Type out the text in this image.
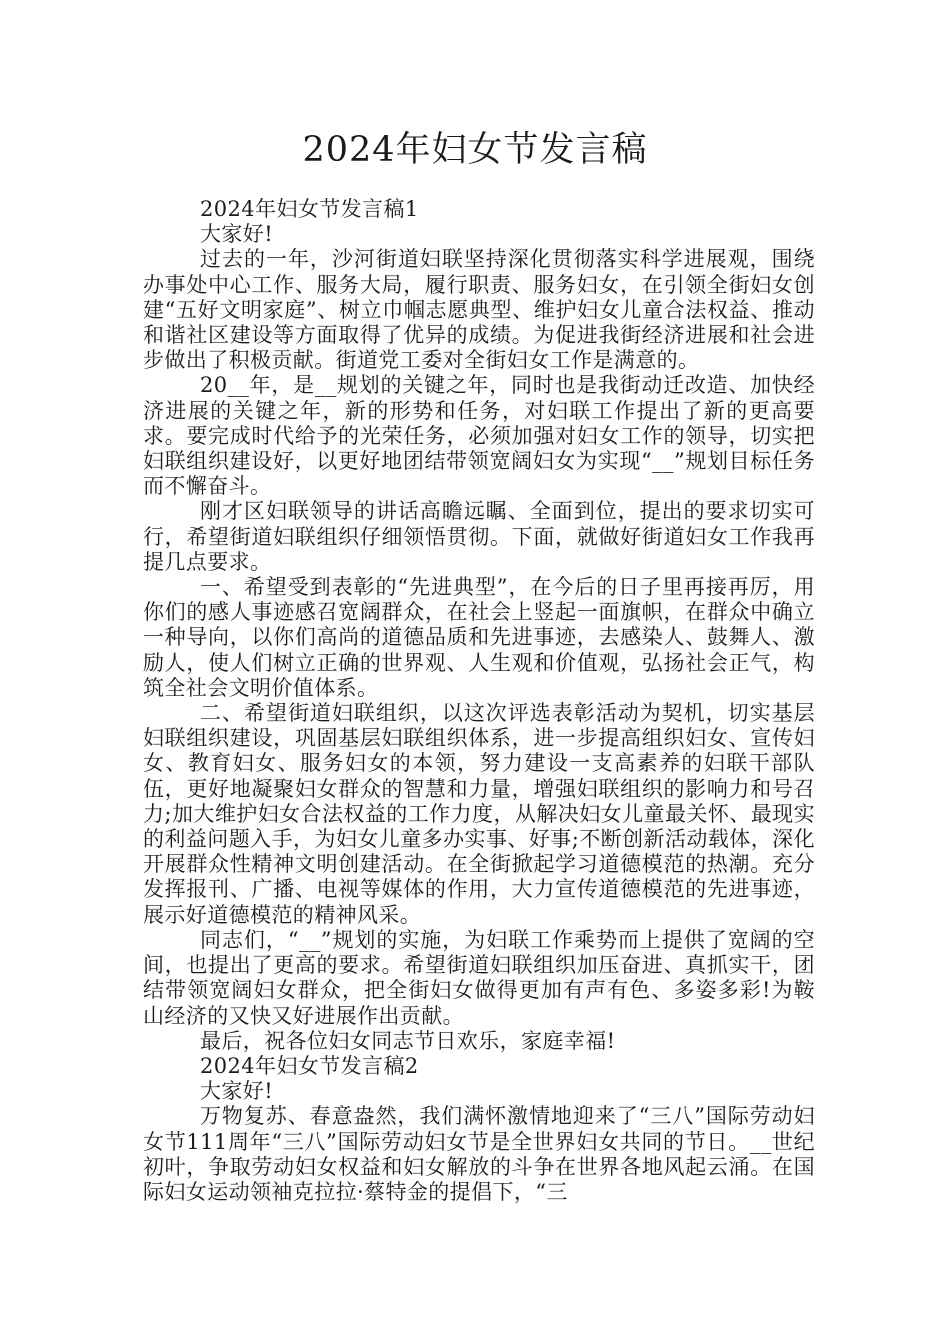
2024年妇女节发言稿

2024年妇女节发言稿1

大家好!

过去的一年，沙河街道妇联坚持深化贯彻落实科学进展观，围绕办事处中心工作、服务大局，履行职责、服务妇女，在引领全街妇女创建“五好文明家庭”、树立巾帼志愿典型、维护妇女儿童合法权益、推动和谐社区建设等方面取得了优异的成绩。为促进我街经济进展和社会进步做出了积极贡献。街道党工委对全街妇女工作是满意的。

20__年，是__规划的关键之年，同时也是我街动迁改造、加快经济进展的关键之年，新的形势和任务，对妇联工作提出了新的更高要求。要完成时代给予的光荣任务，必须加强对妇女工作的领导，切实把妇联组织建设好，以更好地团结带领宽阔妇女为实现“__”规划目标任务而不懈奋斗。

刚才区妇联领导的讲话高瞻远瞩、全面到位，提出的要求切实可行，希望街道妇联组织仔细领悟贯彻。下面，就做好街道妇女工作我再提几点要求。

一、希望受到表彰的“先进典型”，在今后的日子里再接再厉，用你们的感人事迹感召宽阔群众，在社会上竖起一面旗帜，在群众中确立一种导向，以你们高尚的道德品质和先进事迹，去感染人、鼓舞人、激励人，使人们树立正确的世界观、人生观和价值观，弘扬社会正气，构筑全社会文明价值体系。

二、希望街道妇联组织，以这次评选表彰活动为契机，切实基层妇联组织建设，巩固基层妇联组织体系，进一步提高组织妇女、宣传妇女、教育妇女、服务妇女的本领，努力建设一支高素养的妇联干部队伍，更好地凝聚妇女群众的智慧和力量，增强妇联组织的影响力和号召力;加大维护妇女合法权益的工作力度，从解决妇女儿童最关怀、最现实的利益问题入手，为妇女儿童多办实事、好事;不断创新活动载体，深化开展群众性精神文明创建活动。在全街掀起学习道德模范的热潮。充分发挥报刊、广播、电视等媒体的作用，大力宣传道德模范的先进事迹，展示好道德模范的精神风采。

同志们，“__”规划的实施，为妇联工作乘势而上提供了宽阔的空间，也提出了更高的要求。希望街道妇联组织加压奋进、真抓实干，团结带领宽阔妇女群众，把全街妇女做得更加有声有色、多姿多彩!为鞍山经济的又快又好进展作出贡献。

最后，祝各位妇女同志节日欢乐，家庭幸福!

2024年妇女节发言稿2

大家好!

万物复苏、春意盎然，我们满怀激情地迎来了“三八”国际劳动妇女节111周年“三八”国际劳动妇女节是全世界妇女共同的节日。__世纪初叶，争取劳动妇女权益和妇女解放的斗争在世界各地风起云涌。在国际妇女运动领袖克拉拉·蔡特金的提倡下，“三
